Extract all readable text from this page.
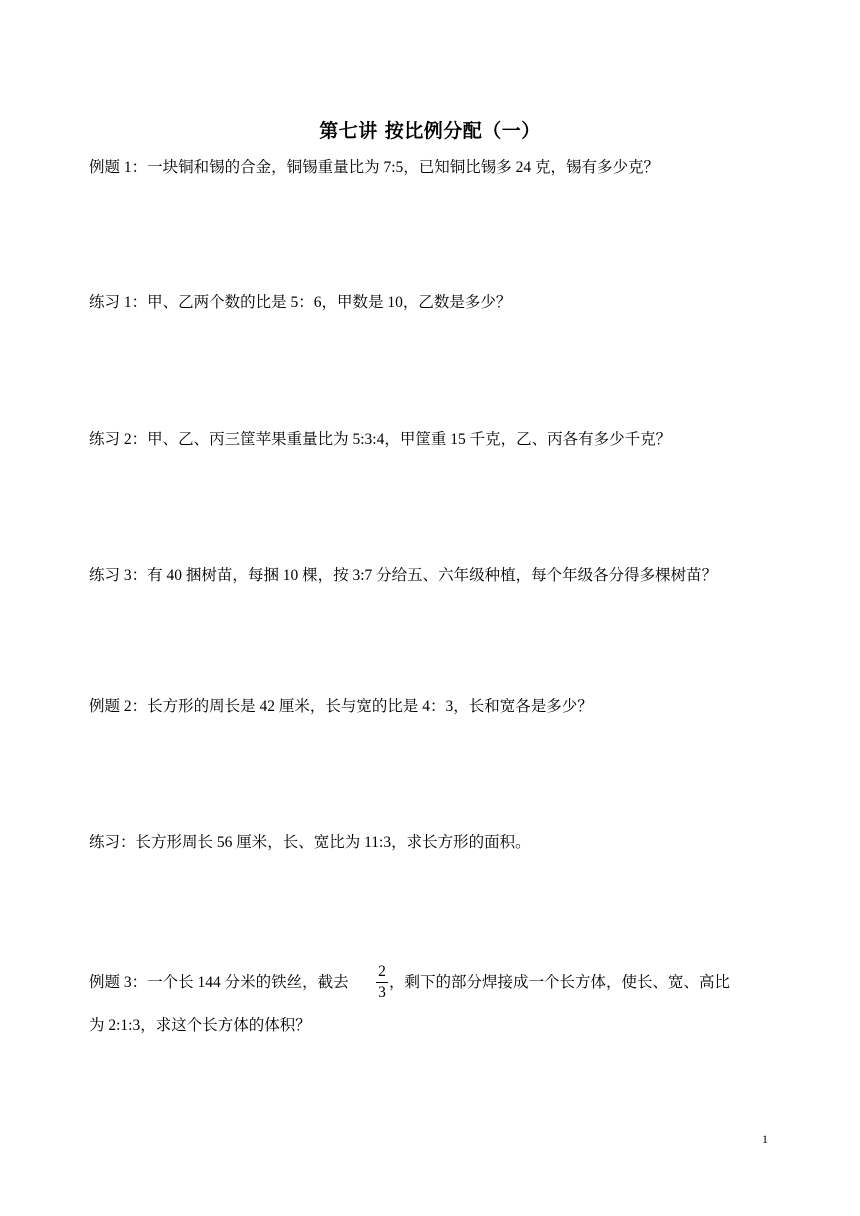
第七讲 按比例分配（一）
例题 1：一块铜和锡的合金，铜锡重量比为 7:5，已知铜比锡多 24 克，锡有多少克？
练习 1：甲、乙两个数的比是 5：6，甲数是 10，乙数是多少？
练习 2：甲、乙、丙三筐苹果重量比为 5:3:4，甲筐重 15 千克，乙、丙各有多少千克？
练习 3：有 40 捆树苗，每捆 10 棵，按 3:7 分给五、六年级种植，每个年级各分得多棵树苗？
例题 2：长方形的周长是 42 厘米，长与宽的比是 4：3，长和宽各是多少？
练习：长方形周长 56 厘米，长、宽比为 11:3，求长方形的面积。
例题 3：一个长 144 分米的铁丝，截去
2
3
，剩下的部分焊接成一个长方体，使长、宽、高比
为 2:1:3，求这个长方体的体积？
1
